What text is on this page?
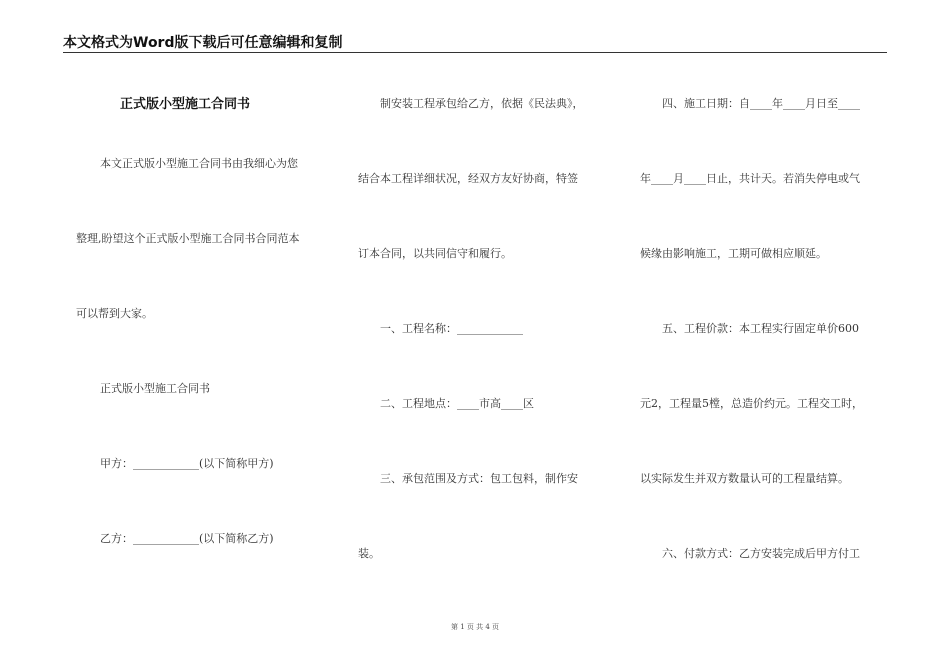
本文格式为Word版下载后可任意编辑和复制
正式版小型施工合同书
本文正式版小型施工合同书由我细心为您
整理,盼望这个正式版小型施工合同书合同范本
可以帮到大家。
正式版小型施工合同书
甲方：____________(以下简称甲方)
乙方：____________(以下简称乙方)
制安装工程承包给乙方，依据《民法典》，
结合本工程详细状况，经双方友好协商，特签
订本合同，以共同信守和履行。
一、工程名称：____________
二、工程地点：____市高____区
三、承包范围及方式：包工包料，制作安
装。
四、施工日期：自____年____月日至____
年____月____日止，共计天。若消失停电或气
候缘由影响施工，工期可做相应顺延。
五、工程价款：本工程实行固定单价600
元2，工程量5樘，总造价约元。工程交工时，
以实际发生并双方数量认可的工程量结算。
六、付款方式：乙方安装完成后甲方付工
第 1 页 共 4 页
